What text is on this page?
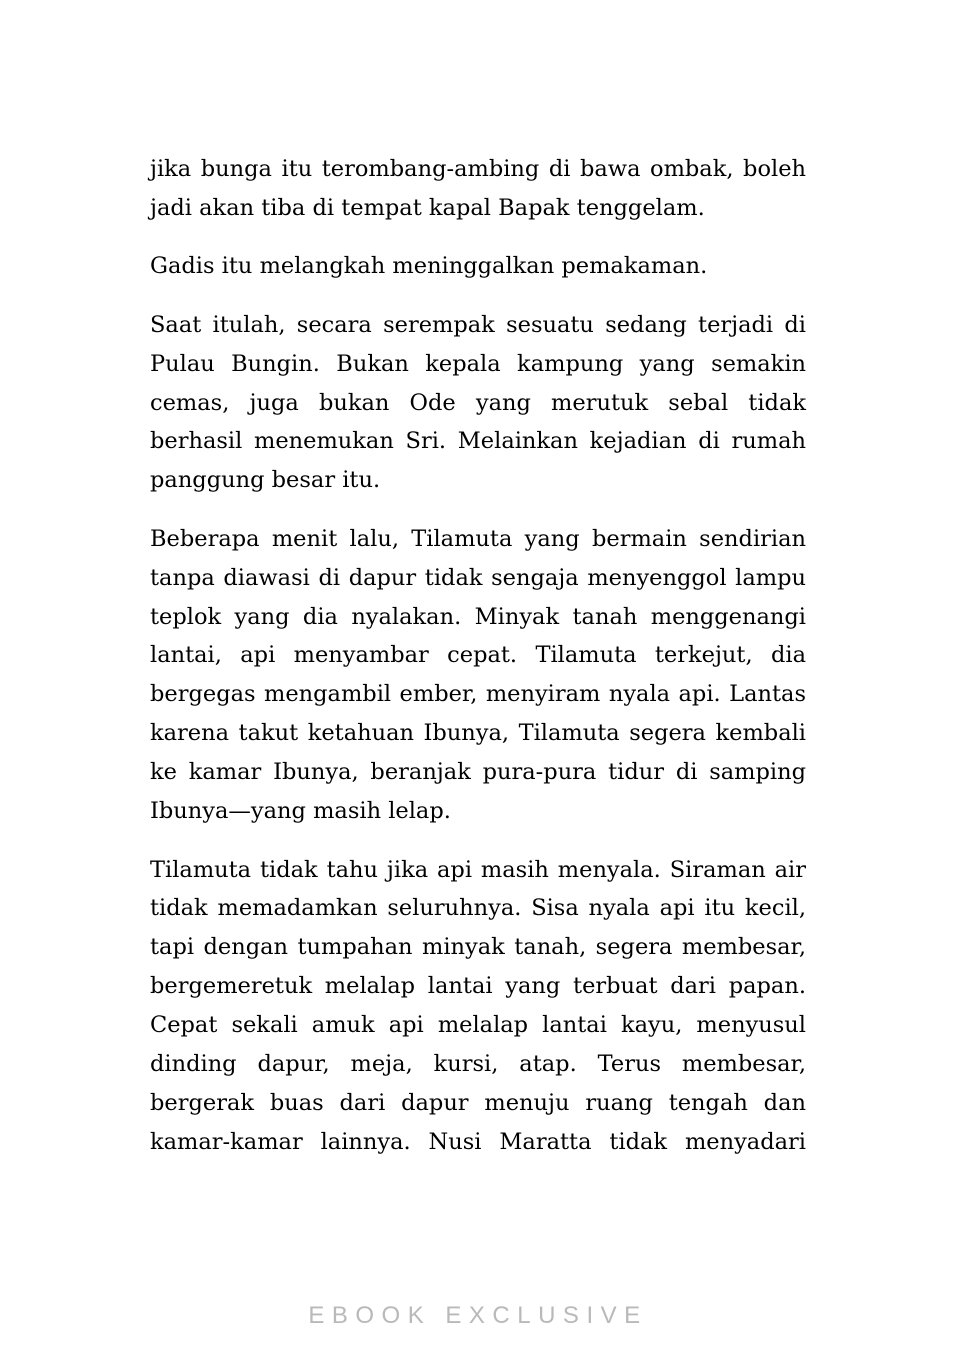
jika bunga itu terombang-ambing di bawa ombak, boleh jadi akan tiba di tempat kapal Bapak tenggelam.

Gadis itu melangkah meninggalkan pemakaman.

Saat itulah, secara serempak sesuatu sedang terjadi di Pulau Bungin. Bukan kepala kampung yang semakin cemas, juga bukan Ode yang merutuk sebal tidak berhasil menemukan Sri. Melainkan kejadian di rumah panggung besar itu.

Beberapa menit lalu, Tilamuta yang bermain sendirian tanpa diawasi di dapur tidak sengaja menyenggol lampu teplok yang dia nyalakan. Minyak tanah menggenangi lantai, api menyambar cepat. Tilamuta terkejut, dia bergegas mengambil ember, menyiram nyala api. Lantas karena takut ketahuan Ibunya, Tilamuta segera kembali ke kamar Ibunya, beranjak pura-pura tidur di samping Ibunya—yang masih lelap.

Tilamuta tidak tahu jika api masih menyala. Siraman air tidak memadamkan seluruhnya. Sisa nyala api itu kecil, tapi dengan tumpahan minyak tanah, segera membesar, bergemeretuk melalap lantai yang terbuat dari papan. Cepat sekali amuk api melalap lantai kayu, menyusul dinding dapur, meja, kursi, atap. Terus membesar, bergerak buas dari dapur menuju ruang tengah dan kamar-kamar lainnya. Nusi Maratta tidak menyadari

EBOOK EXCLUSIVE
